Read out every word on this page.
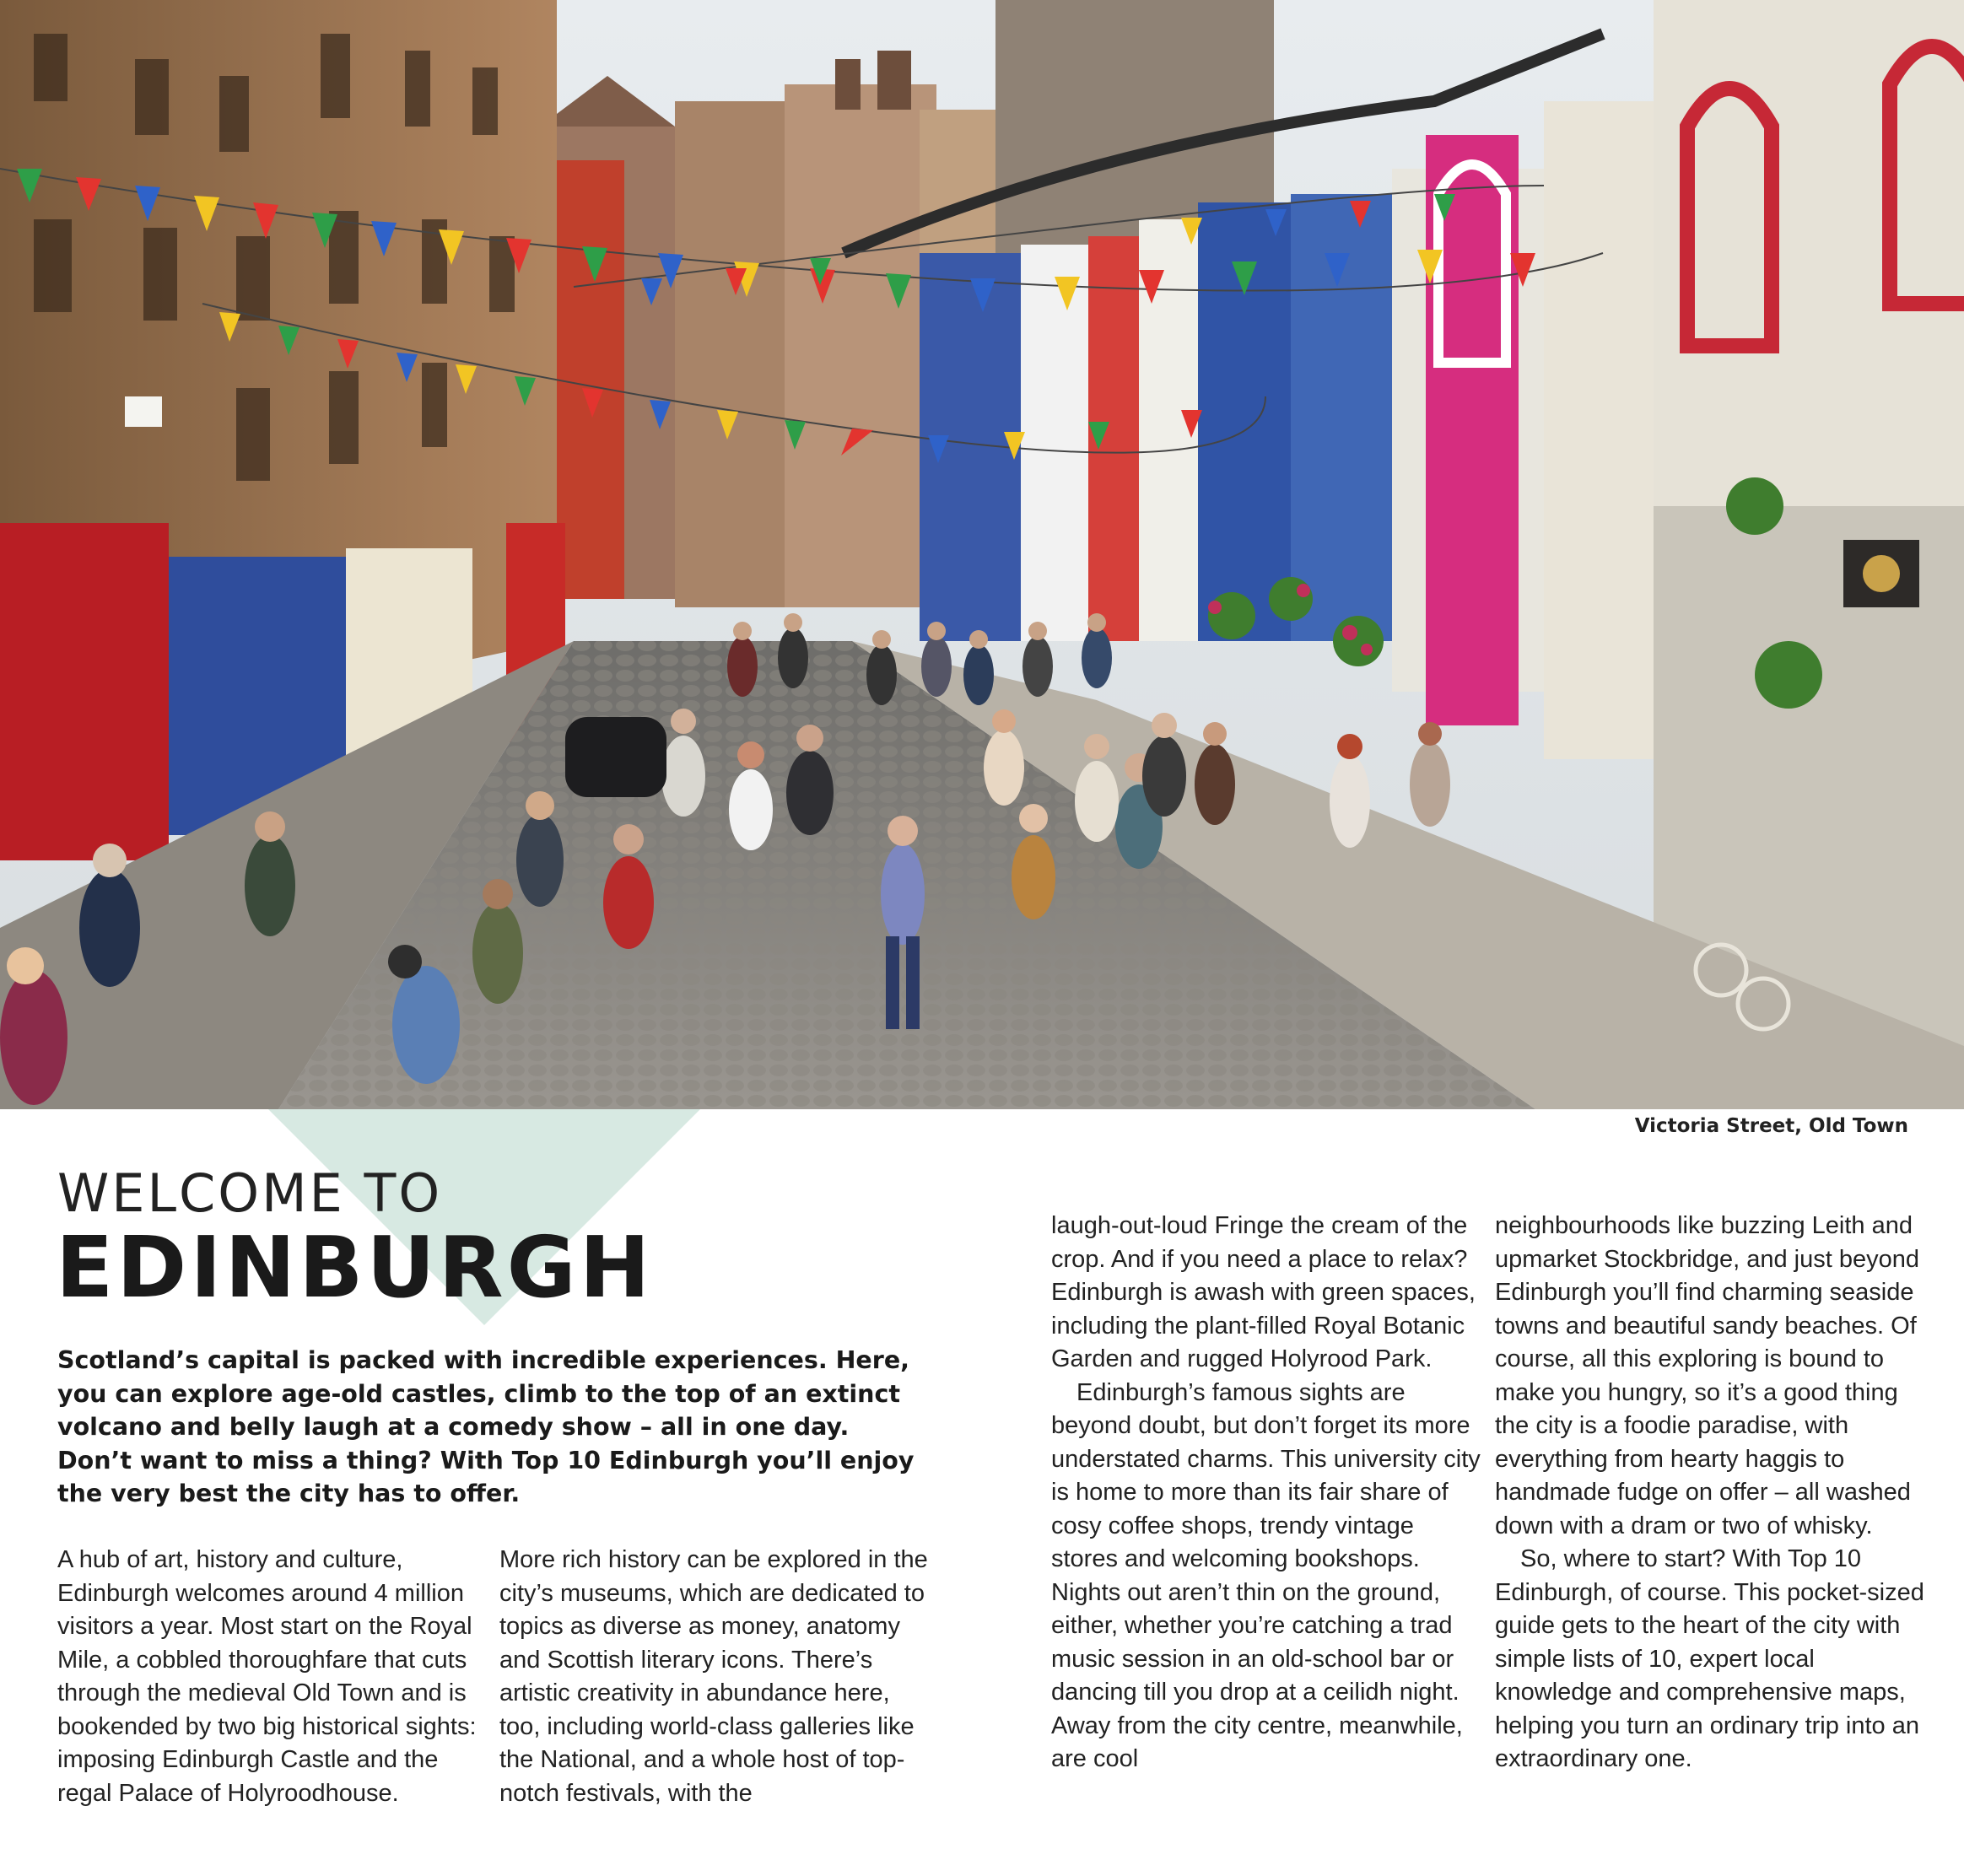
Victoria Street, Old Town
WELCOME TO
EDINBURGH
Scotland’s capital is packed with incredible experiences. Here, you can explore age-old castles, climb to the top of an extinct volcano and belly laugh at a comedy show – all in one day. Don’t want to miss a thing? With Top 10 Edinburgh you’ll enjoy the very best the city has to offer.

A hub of art, history and culture, Edinburgh welcomes around 4 million visitors a year. Most start on the Royal Mile, a cobbled thoroughfare that cuts through the medieval Old Town and is bookended by two big historical sights: imposing Edinburgh Castle and the regal Palace of Holyroodhouse.

More rich history can be explored in the city’s museums, which are dedicated to topics as diverse as money, anatomy and Scottish literary icons. There’s artistic creativity in abundance here, too, including world-class galleries like the National, and a whole host of top-notch festivals, with the

laugh-out-loud Fringe the cream of the crop. And if you need a place to relax? Edinburgh is awash with green spaces, including the plant-filled Royal Botanic Garden and rugged Holyrood Park.

Edinburgh’s famous sights are beyond doubt, but don’t forget its more understated charms. This university city is home to more than its fair share of cosy coffee shops, trendy vintage stores and welcoming bookshops. Nights out aren’t thin on the ground, either, whether you’re catching a trad music session in an old-school bar or dancing till you drop at a ceilidh night. Away from the city centre, meanwhile, are cool

neighbourhoods like buzzing Leith and upmarket Stockbridge, and just beyond Edinburgh you’ll find charming seaside towns and beautiful sandy beaches. Of course, all this exploring is bound to make you hungry, so it’s a good thing the city is a foodie paradise, with everything from hearty haggis to handmade fudge on offer – all washed down with a dram or two of whisky.

So, where to start? With Top 10 Edinburgh, of course. This pocket-sized guide gets to the heart of the city with simple lists of 10, expert local knowledge and comprehensive maps, helping you turn an ordinary trip into an extraordinary one.
